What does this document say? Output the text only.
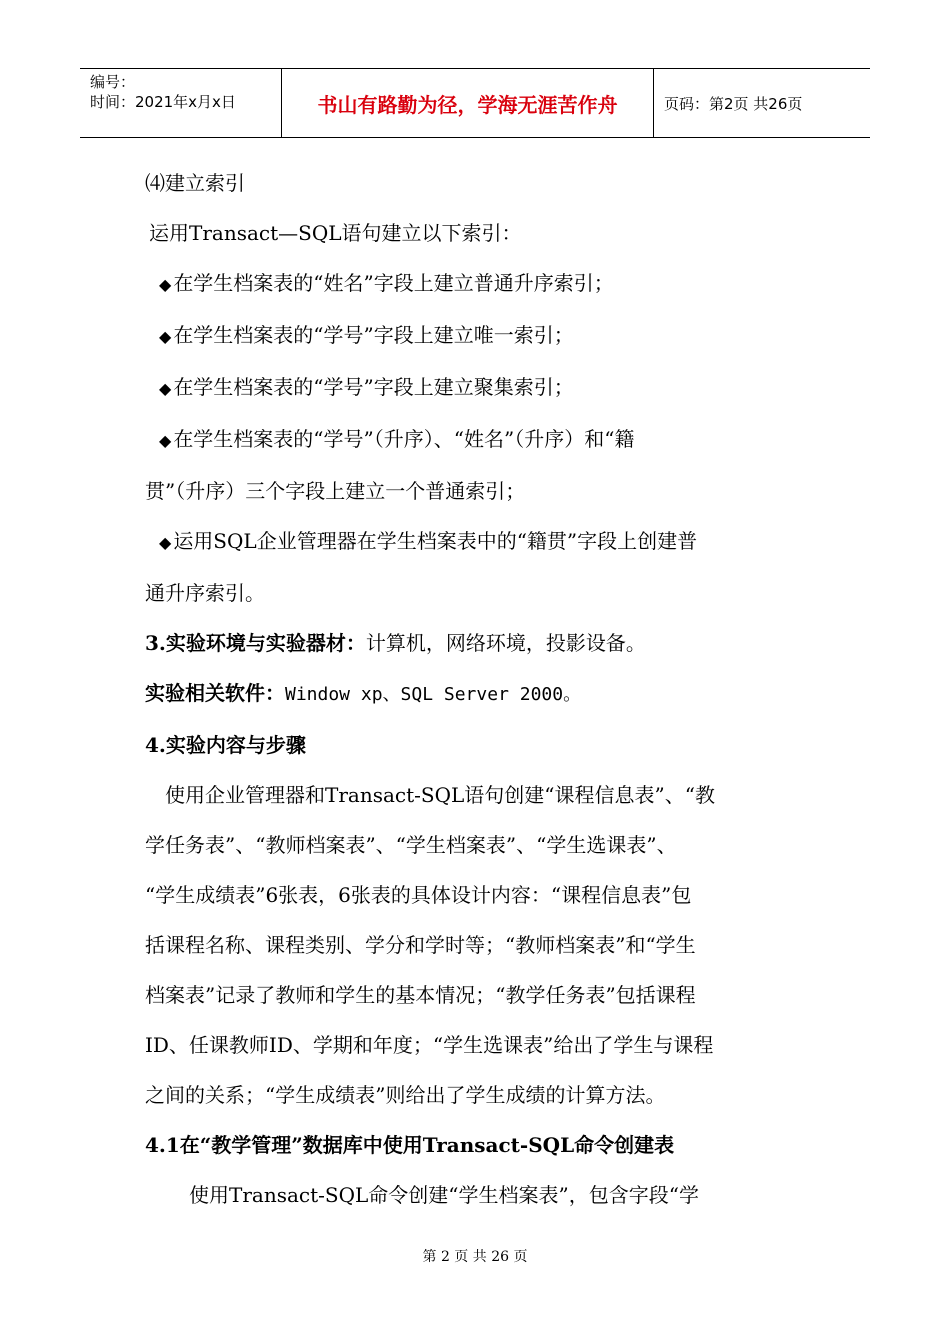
编号：
时间：2021年x月x日	书山有路勤为径，学海无涯苦作舟	页码：第2页 共26页

⑷建立索引

运用Transact—SQL语句建立以下索引：

◆ 在学生档案表的“姓名”字段上建立普通升序索引；

◆ 在学生档案表的“学号”字段上建立唯一索引；

◆ 在学生档案表的“学号”字段上建立聚集索引；

◆ 在学生档案表的“学号”（升序）、“姓名”（升序）和“籍

贯”（升序）三个字段上建立一个普通索引；

◆ 运用SQL企业管理器在学生档案表中的“籍贯”字段上创建普

通升序索引。

3.实验环境与实验器材：计算机，网络环境，投影设备。

实验相关软件：Window xp、SQL Server 2000。

4.实验内容与步骤

使用企业管理器和Transact-SQL语句创建“课程信息表”、“教

学任务表”、“教师档案表”、“学生档案表”、“学生选课表”、

“学生成绩表”6张表，6张表的具体设计内容：“课程信息表”包

括课程名称、课程类别、学分和学时等；“教师档案表”和“学生

档案表”记录了教师和学生的基本情况；“教学任务表”包括课程

ID、任课教师ID、学期和年度；“学生选课表”给出了学生与课程

之间的关系；“学生成绩表”则给出了学生成绩的计算方法。

4.1在“教学管理”数据库中使用Transact-SQL命令创建表

使用Transact-SQL命令创建“学生档案表”，包含字段“学

第 2 页 共 26 页
